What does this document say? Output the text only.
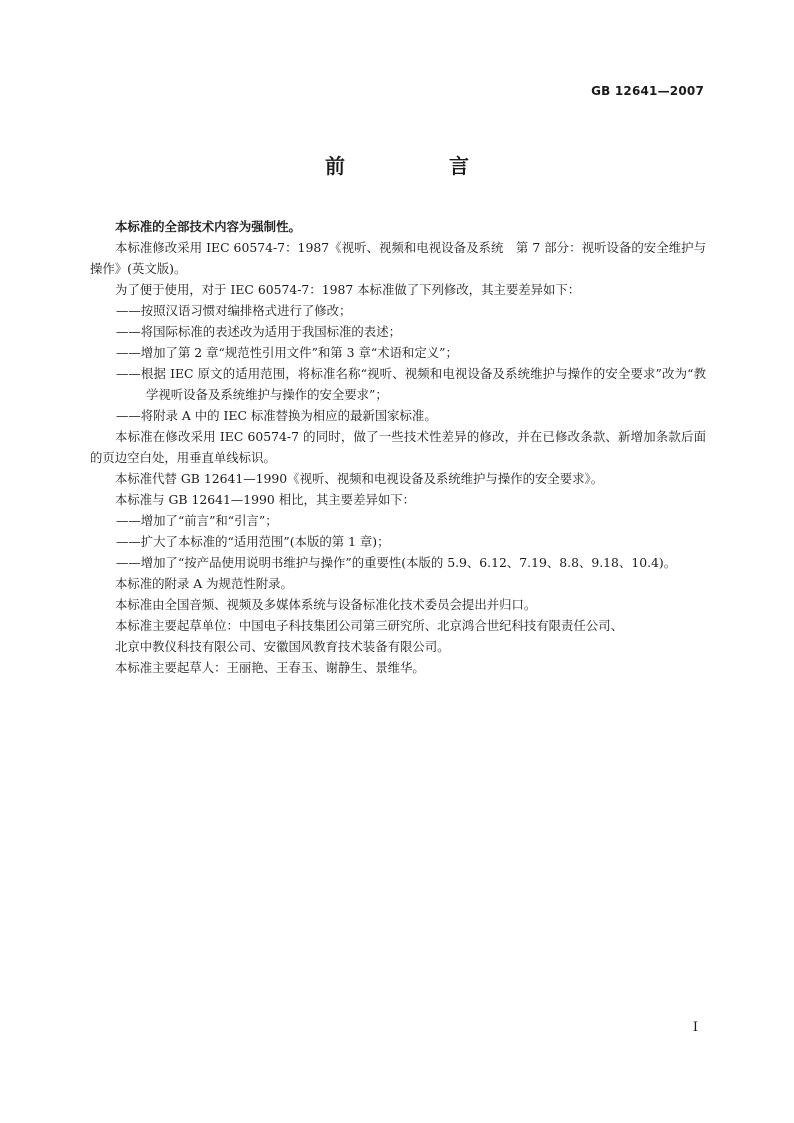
GB 12641—2007
前　言

本标准的全部技术内容为强制性。

本标准修改采用 IEC 60574-7：1987《视听、视频和电视设备及系统　第 7 部分：视听设备的安全维护与操作》(英文版)。

为了便于使用，对于 IEC 60574-7：1987 本标准做了下列修改，其主要差异如下：

——按照汉语习惯对编排格式进行了修改；

——将国际标准的表述改为适用于我国标准的表述；

——增加了第 2 章“规范性引用文件”和第 3 章“术语和定义”；

——根据 IEC 原文的适用范围，将标准名称“视听、视频和电视设备及系统维护与操作的安全要求”改为“教学视听设备及系统维护与操作的安全要求”；

——将附录 A 中的 IEC 标准替换为相应的最新国家标准。

本标准在修改采用 IEC 60574-7 的同时，做了一些技术性差异的修改，并在已修改条款、新增加条款后面的页边空白处，用垂直单线标识。

本标准代替 GB 12641—1990《视听、视频和电视设备及系统维护与操作的安全要求》。

本标准与 GB 12641—1990 相比，其主要差异如下：

——增加了“前言”和“引言”；

——扩大了本标准的“适用范围”(本版的第 1 章)；

——增加了“按产品使用说明书维护与操作”的重要性(本版的 5.9、6.12、7.19、8.8、9.18、10.4)。

本标准的附录 A 为规范性附录。

本标准由全国音频、视频及多媒体系统与设备标准化技术委员会提出并归口。

本标准主要起草单位：中国电子科技集团公司第三研究所、北京鸿合世纪科技有限责任公司、

北京中教仪科技有限公司、安徽国风教育技术装备有限公司。

本标准主要起草人：王丽艳、王春玉、谢静生、景维华。

I
